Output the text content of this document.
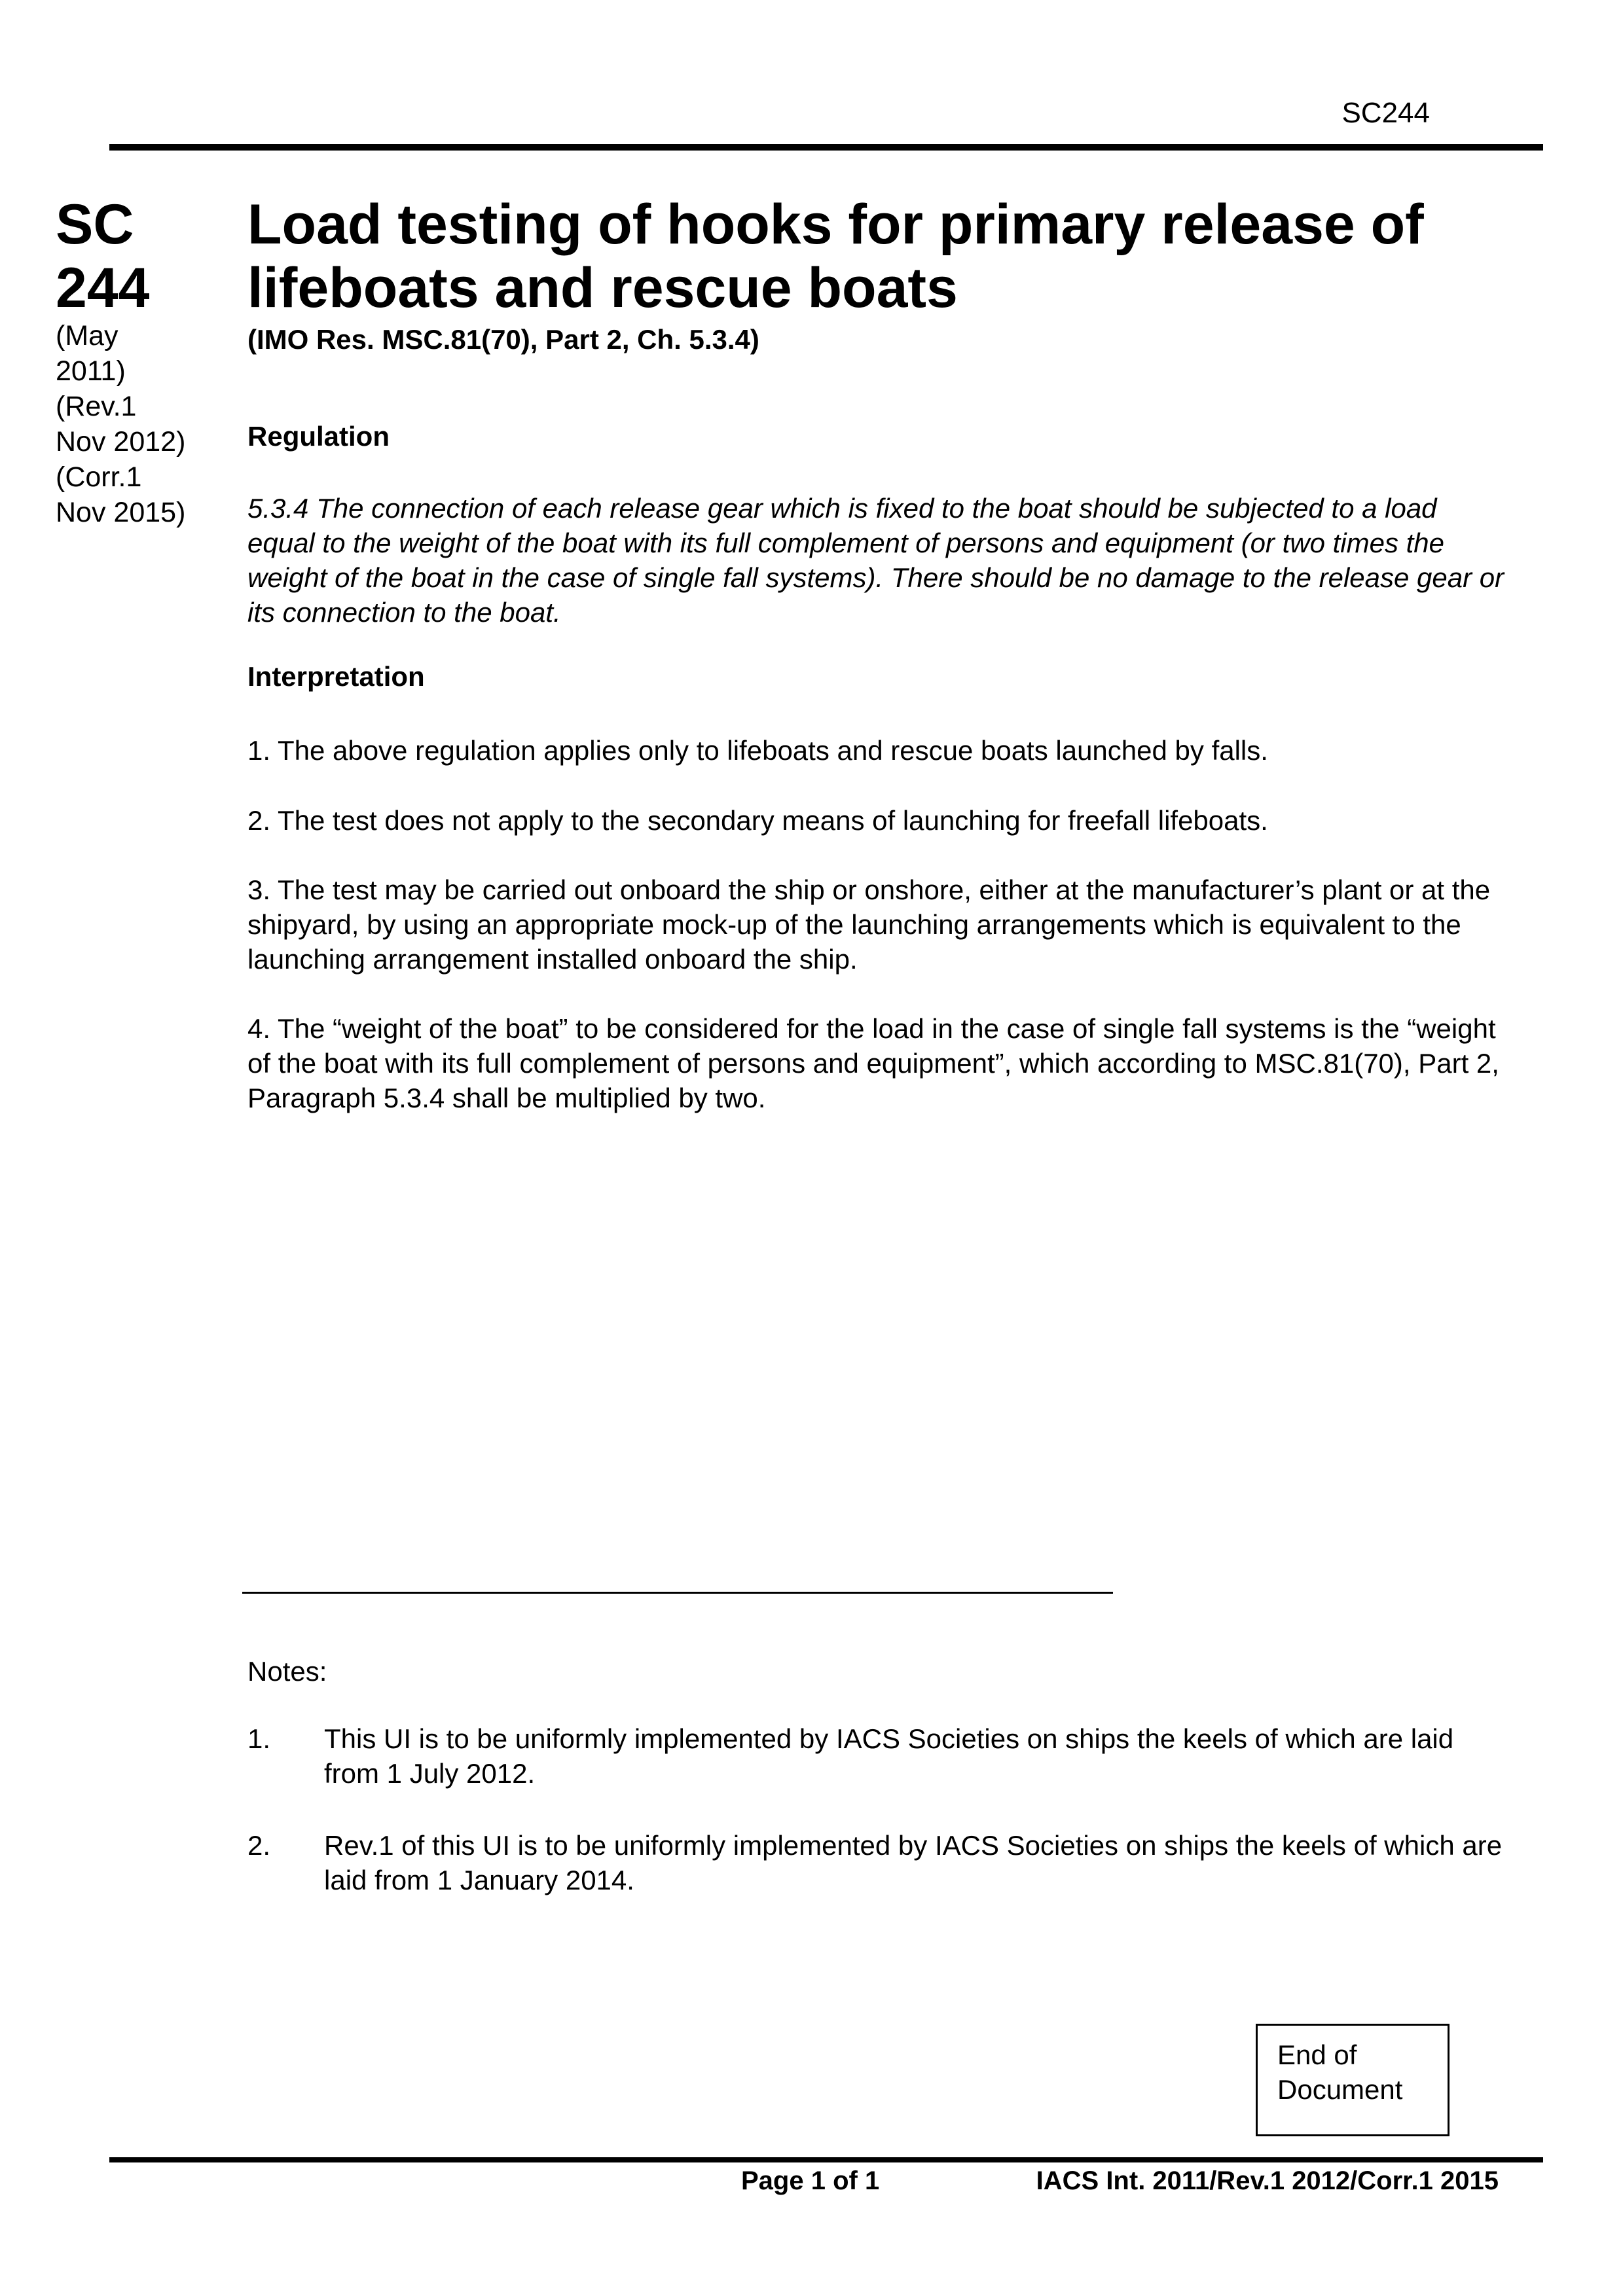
SC244
SC
244
(May
2011)
(Rev.1
Nov 2012)
(Corr.1
Nov 2015)
Load testing of hooks for primary release of
lifeboats and rescue boats
(IMO Res. MSC.81(70), Part 2, Ch. 5.3.4)
Regulation
5.3.4 The connection of each release gear which is fixed to the boat should be subjected to a load equal to the weight of the boat with its full complement of persons and equipment (or two times the weight of the boat in the case of single fall systems). There should be no damage to the release gear or its connection to the boat.
Interpretation
1. The above regulation applies only to lifeboats and rescue boats launched by falls.
2. The test does not apply to the secondary means of launching for freefall lifeboats.
3. The test may be carried out onboard the ship or onshore, either at the manufacturer’s plant or at the shipyard, by using an appropriate mock-up of the launching arrangements which is equivalent to the launching arrangement installed onboard the ship.
4. The “weight of the boat” to be considered for the load in the case of single fall systems is the “weight of the boat with its full complement of persons and equipment”, which according to MSC.81(70), Part 2, Paragraph 5.3.4 shall be multiplied by two.
Notes:
1. This UI is to be uniformly implemented by IACS Societies on ships the keels of which are laid from 1 July 2012.
2. Rev.1 of this UI is to be uniformly implemented by IACS Societies on ships the keels of which are laid from 1 January 2014.
End of
Document
Page 1 of 1	IACS Int. 2011/Rev.1 2012/Corr.1 2015
